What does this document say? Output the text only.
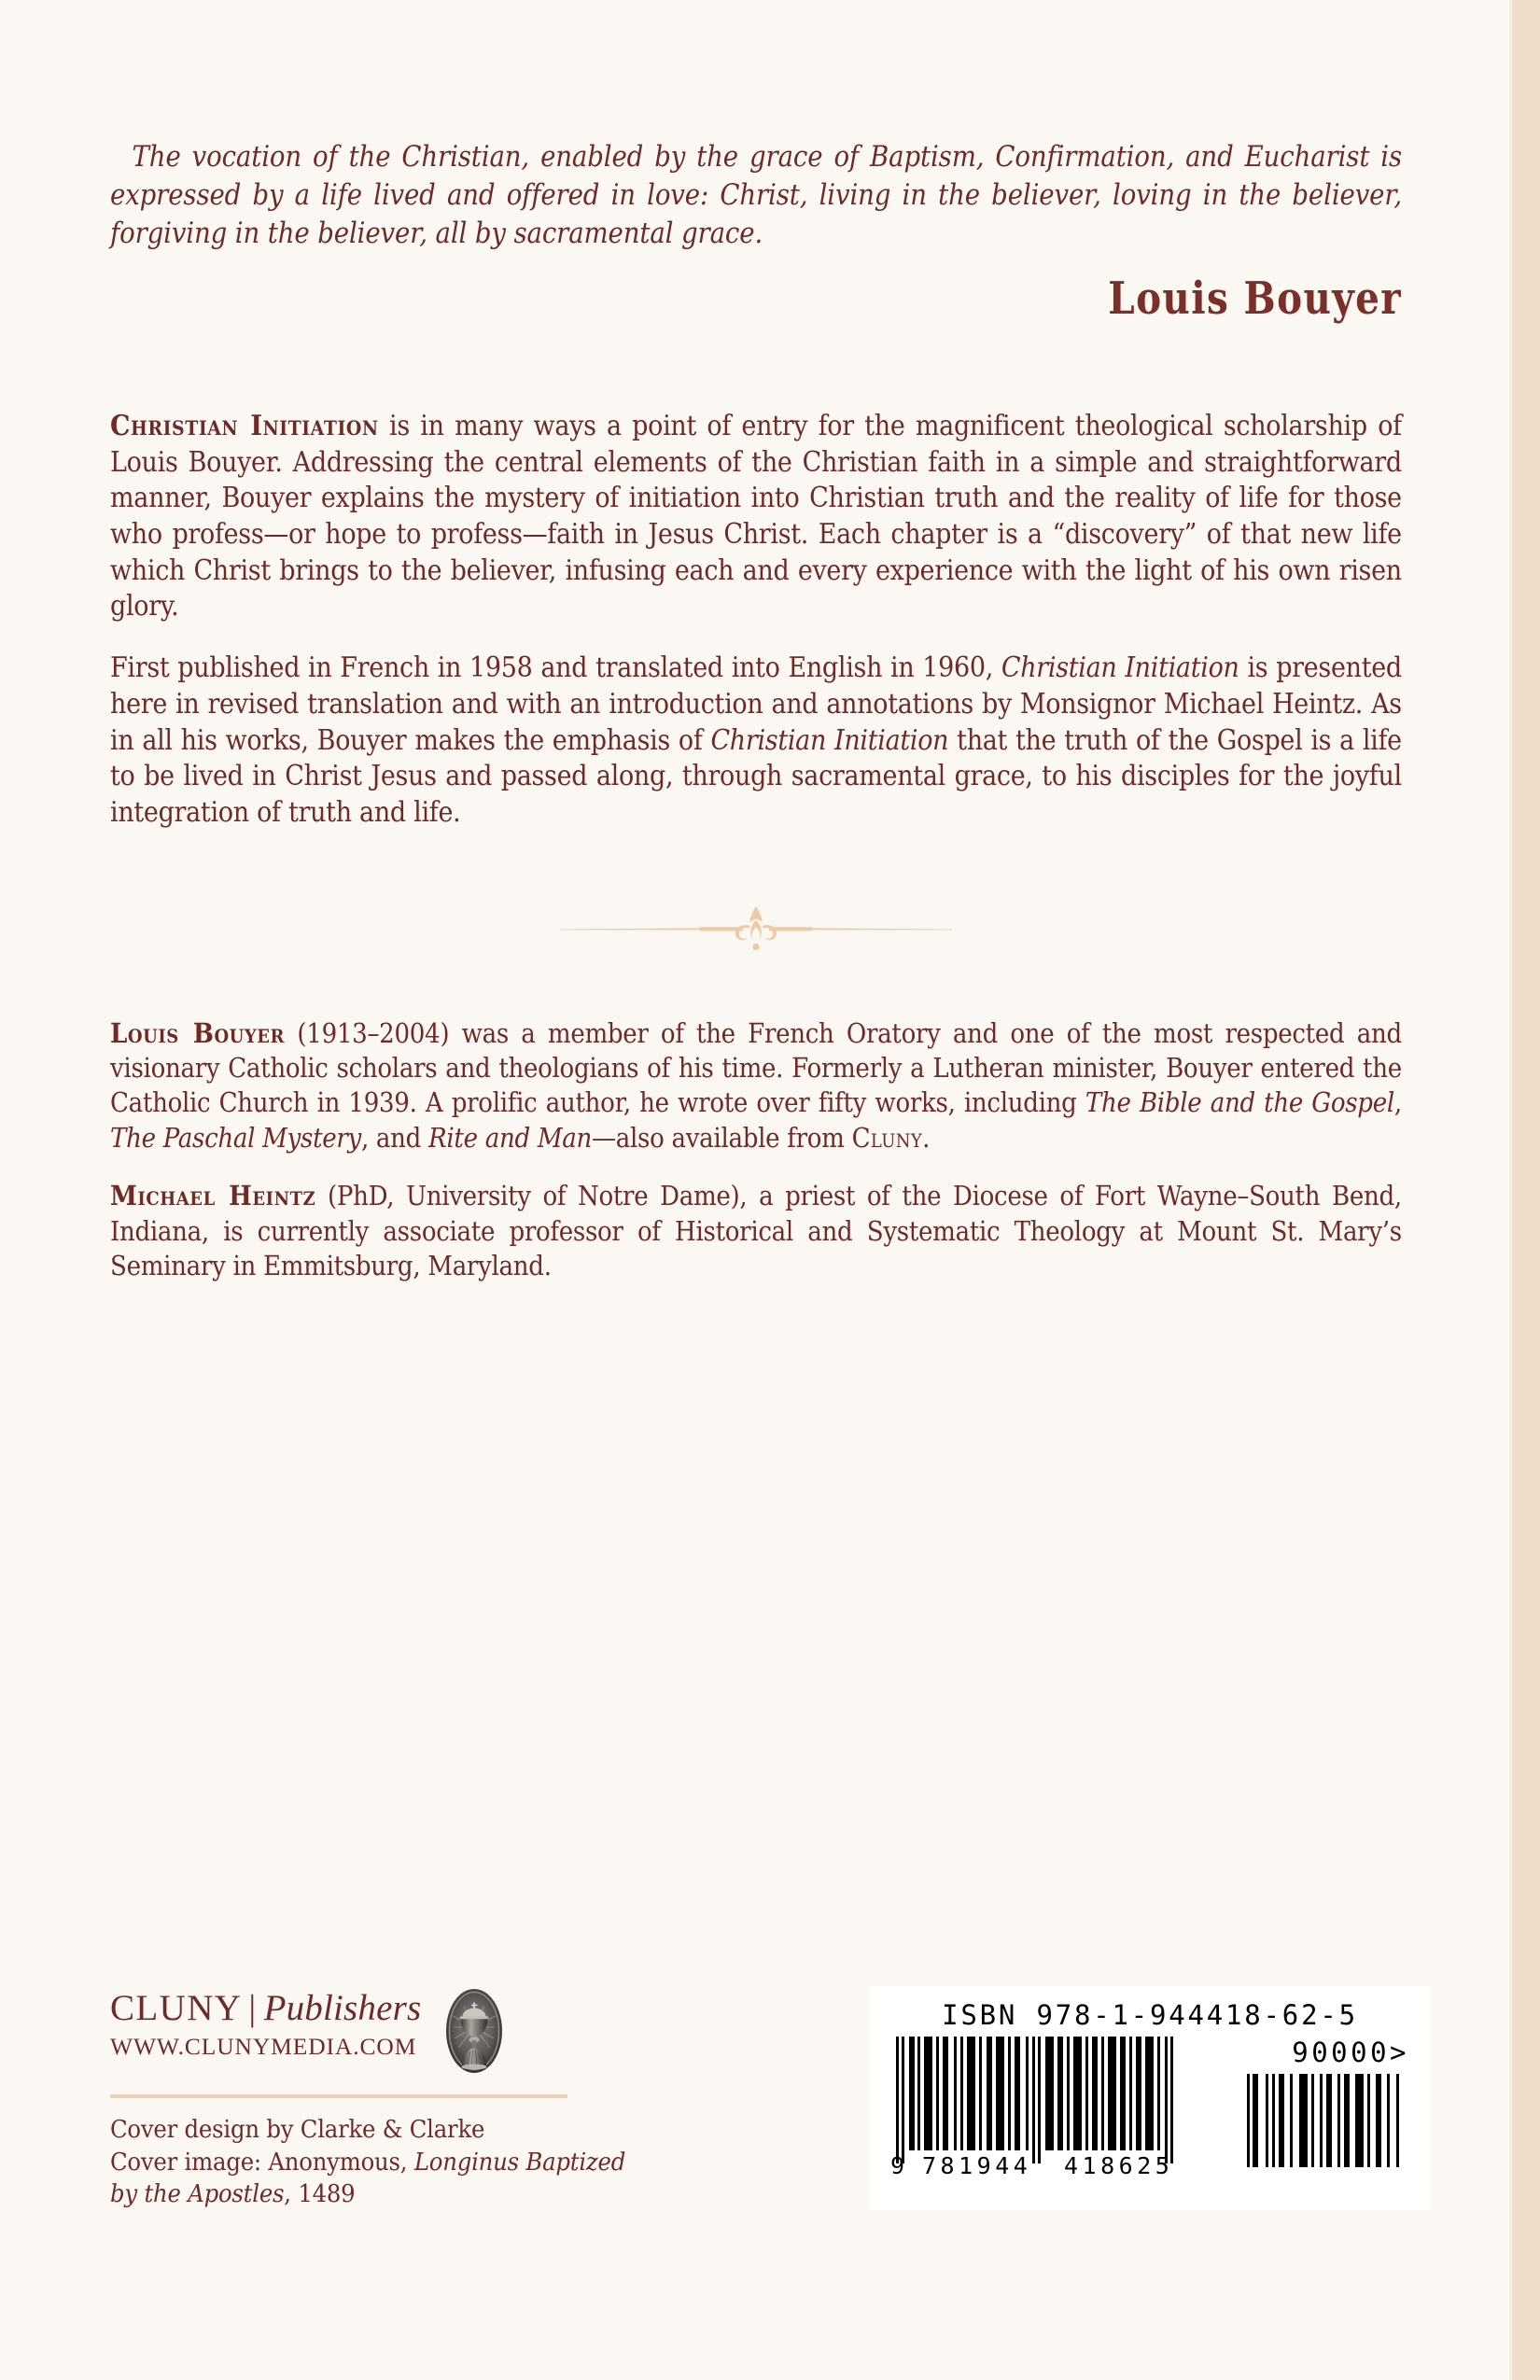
The vocation of the Christian, enabled by the grace of Baptism, Confirmation, and Eucharist is expressed by a life lived and offered in love: Christ, living in the believer, loving in the believer, forgiving in the believer, all by sacramental grace.
Louis Bouyer

Christian Initiation is in many ways a point of entry for the magnificent theological scholarship of Louis Bouyer. Addressing the central elements of the Christian faith in a simple and straightforward manner, Bouyer explains the mystery of initiation into Christian truth and the reality of life for those who profess—or hope to profess—faith in Jesus Christ. Each chapter is a “discovery” of that new life which Christ brings to the believer, infusing each and every experience with the light of his own risen glory.

First published in French in 1958 and translated into English in 1960, Christian Initiation is presented here in revised translation and with an introduction and annotations by Monsignor Michael Heintz. As in all his works, Bouyer makes the emphasis of Christian Initiation that the truth of the Gospel is a life to be lived in Christ Jesus and passed along, through sacramental grace, to his disciples for the joyful integration of truth and life.

Louis Bouyer (1913–2004) was a member of the French Oratory and one of the most respected and visionary Catholic scholars and theologians of his time. Formerly a Lutheran minister, Bouyer entered the Catholic Church in 1939. A prolific author, he wrote over fifty works, including The Bible and the Gospel, The Paschal Mystery, and Rite and Man—also available from Cluny.

Michael Heintz (PhD, University of Notre Dame), a priest of the Diocese of Fort Wayne–South Bend, Indiana, is currently associate professor of Historical and Systematic Theology at Mount St. Mary’s Seminary in Emmitsburg, Maryland.

CLUNY | Publishers
WWW.CLUNYMEDIA.COM
Cover design by Clarke & Clarke
Cover image: Anonymous, Longinus Baptized
by the Apostles, 1489
ISBN 978-1-944418-62-5
9 781944	418625
90000>
